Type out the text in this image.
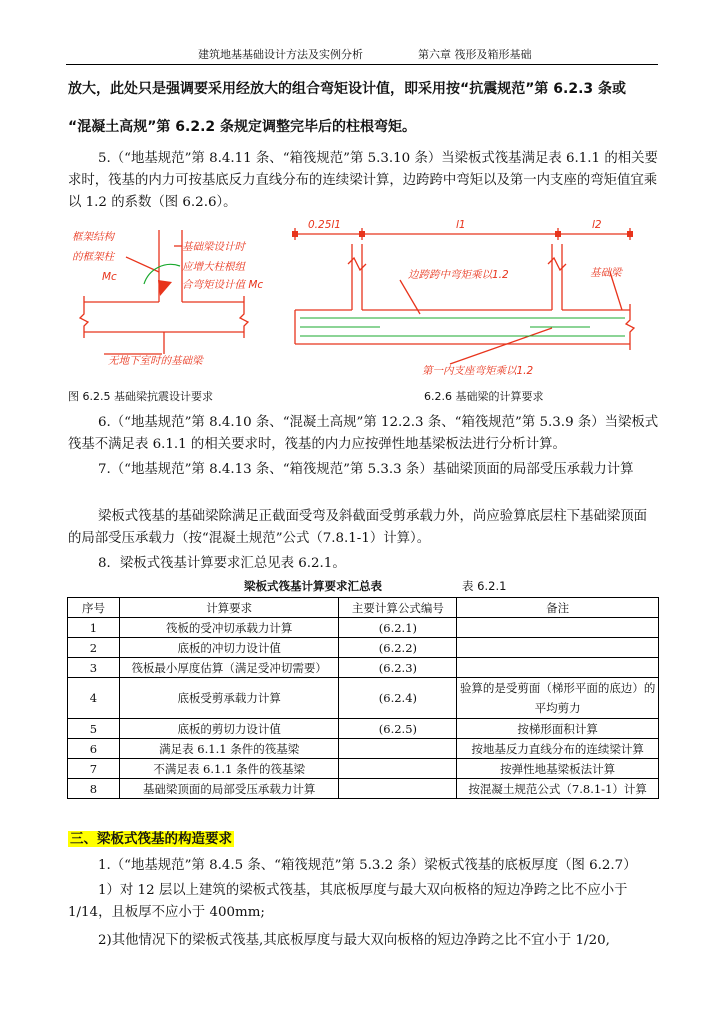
建筑地基基础设计方法及实例分析	第六章 筏形及箱形基础
放大，此处只是强调要采用经放大的组合弯矩设计值，即采用按“抗震规范”第 6.2.3 条或
“混凝土高规”第 6.2.2 条规定调整完毕后的柱根弯矩。
5.（“地基规范”第 8.4.11 条、“箱筏规范”第 5.3.10 条）当梁板式筏基满足表 6.1.1 的相关要求时，筏基的内力可按基底反力直线分布的连续梁计算，边跨跨中弯矩以及第一内支座的弯矩值宜乘以 1.2 的系数（图 6.2.6）。
框架结构
的框架柱
Mc
基础梁设计时
应增大柱根组
合弯矩设计值 Mc
无地下室时的基础梁
0.25l1	l1	l2
边跨跨中弯矩乘以1.2	基础梁
第一内支座弯矩乘以1.2
图 6.2.5 基础梁抗震设计要求	6.2.6 基础梁的计算要求
6.（“地基规范”第 8.4.10 条、“混凝土高规”第 12.2.3 条、“箱筏规范”第 5.3.9 条）当梁板式筏基不满足表 6.1.1 的相关要求时，筏基的内力应按弹性地基梁板法进行分析计算。
7.（“地基规范”第 8.4.13 条、“箱筏规范”第 5.3.3 条）基础梁顶面的局部受压承载力计算
梁板式筏基的基础梁除满足正截面受弯及斜截面受剪承载力外，尚应验算底层柱下基础梁顶面的局部受压承载力（按“混凝土规范”公式（7.8.1-1）计算）。
8．梁板式筏基计算要求汇总见表 6.2.1。
梁板式筏基计算要求汇总表	表 6.2.1
序号	计算要求	主要计算公式编号	备注
1	筏板的受冲切承载力计算	(6.2.1)	
2	底板的冲切力设计值	(6.2.2)	
3	筏板最小厚度估算（满足受冲切需要）	(6.2.3)	
4	底板受剪承载力计算	(6.2.4)	验算的是受剪面（梯形平面的底边）的平均剪力
5	底板的剪切力设计值	(6.2.5)	按梯形面积计算
6	满足表 6.1.1 条件的筏基梁		按地基反力直线分布的连续梁计算
7	不满足表 6.1.1 条件的筏基梁		按弹性地基梁板法计算
8	基础梁顶面的局部受压承载力计算		按混凝土规范公式（7.8.1-1）计算
三、梁板式筏基的构造要求
1.（“地基规范”第 8.4.5 条、“箱筏规范”第 5.3.2 条）梁板式筏基的底板厚度（图 6.2.7）
1）对 12 层以上建筑的梁板式筏基，其底板厚度与最大双向板格的短边净跨之比不应小于 1/14，且板厚不应小于 400mm;
2)其他情况下的梁板式筏基,其底板厚度与最大双向板格的短边净跨之比不宜小于 1/20,
